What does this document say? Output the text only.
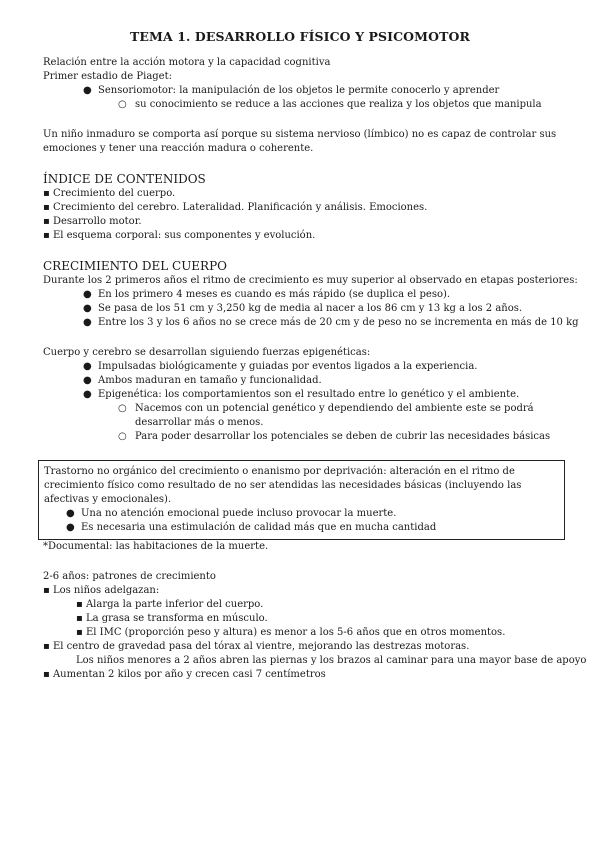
TEMA 1. DESARROLLO FÍSICO Y PSICOMOTOR

Relación entre la acción motora y la capacidad cognitiva

Primer estadio de Piaget:

● Sensoriomotor: la manipulación de los objetos le permite conocerlo y aprender

○ su conocimiento se reduce a las acciones que realiza y los objetos que manipula

Un niño inmaduro se comporta así porque su sistema nervioso (límbico) no es capaz de controlar sus emociones y tener una reacción madura o coherente.

ÍNDICE DE CONTENIDOS

▪ Crecimiento del cuerpo.

▪ Crecimiento del cerebro. Lateralidad. Planificación y análisis. Emociones.

▪ Desarrollo motor.

▪ El esquema corporal: sus componentes y evolución.

CRECIMIENTO DEL CUERPO

Durante los 2 primeros años el ritmo de crecimiento es muy superior al observado en etapas posteriores:

● En los primero 4 meses es cuando es más rápido (se duplica el peso).

● Se pasa de los 51 cm y 3,250 kg de media al nacer a los 86 cm y 13 kg a los 2 años.

● Entre los 3 y los 6 años no se crece más de 20 cm y de peso no se incrementa en más de 10 kg

Cuerpo y cerebro se desarrollan siguiendo fuerzas epigenéticas:

● Impulsadas biológicamente y guiadas por eventos ligados a la experiencia.

● Ambos maduran en tamaño y funcionalidad.

● Epigenética: los comportamientos son el resultado entre lo genético y el ambiente.

○ Nacemos con un potencial genético y dependiendo del ambiente este se podrá desarrollar más o menos.

○ Para poder desarrollar los potenciales se deben de cubrir las necesidades básicas

Trastorno no orgánico del crecimiento o enanismo por deprivación: alteración en el ritmo de crecimiento físico como resultado de no ser atendidas las necesidades básicas (incluyendo las afectivas y emocionales).

● Una no atención emocional puede incluso provocar la muerte.

● Es necesaria una estimulación de calidad más que en mucha cantidad

*Documental: las habitaciones de la muerte.

2-6 años: patrones de crecimiento

▪ Los niños adelgazan:

▪ Alarga la parte inferior del cuerpo.

▪ La grasa se transforma en músculo.

▪ El IMC (proporción peso y altura) es menor a los 5-6 años que en otros momentos.

▪ El centro de gravedad pasa del tórax al vientre, mejorando las destrezas motoras.

Los niños menores a 2 años abren las piernas y los brazos al caminar para una mayor base de apoyo

▪ Aumentan 2 kilos por año y crecen casi 7 centímetros
